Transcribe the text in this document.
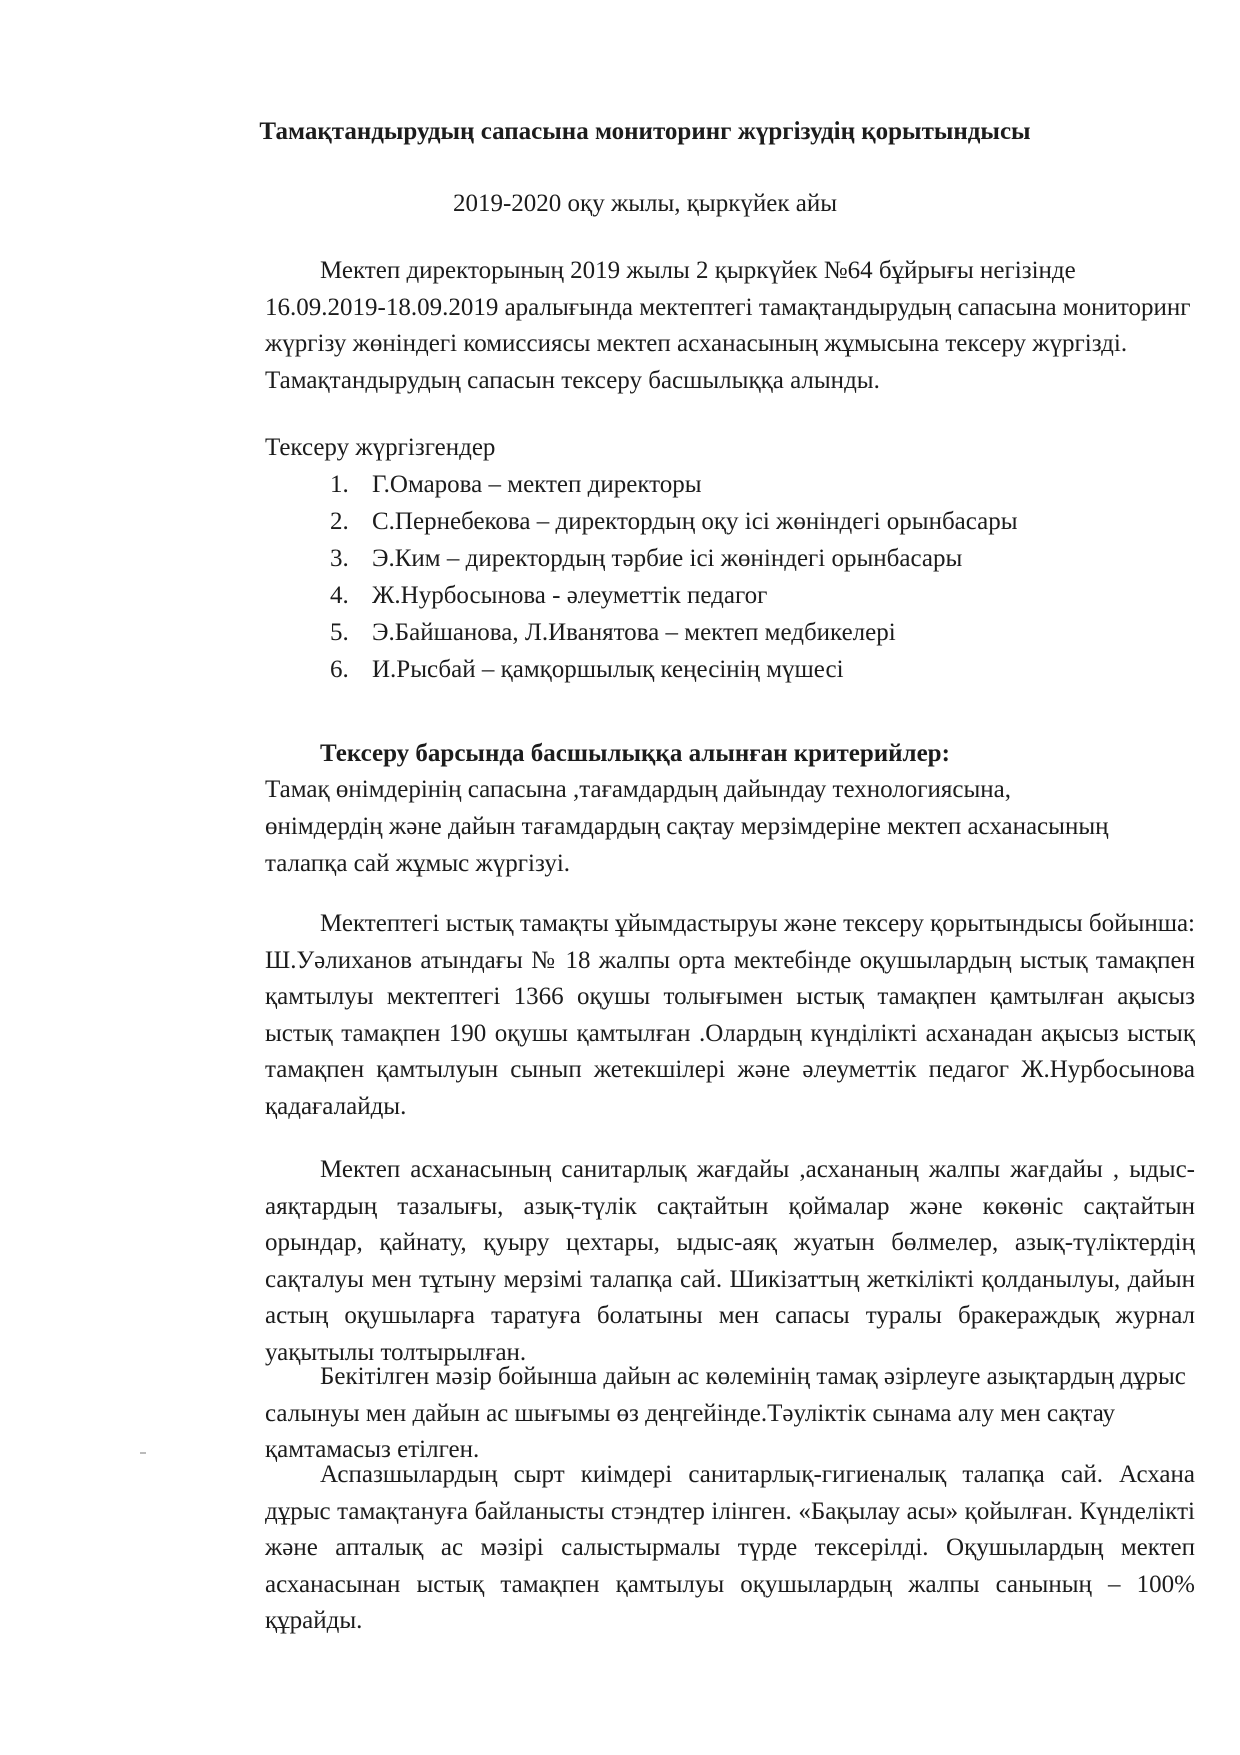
Тамақтандырудың сапасына мониторинг жүргізудің қорытындысы
2019-2020 оқу жылы, қыркүйек айы
Мектеп директорының 2019 жылы 2 қыркүйек №64 бұйрығы негізінде 16.09.2019-18.09.2019 аралығында мектептегі тамақтандырудың сапасына мониторинг жүргізу жөніндегі комиссиясы мектеп асханасының жұмысына тексеру жүргізді. Тамақтандырудың сапасын тексеру басшылыққа алынды.
Тексеру жүргізгендер
1. Г.Омарова – мектеп директоры
2. С.Пернебекова – директордың оқу ісі жөніндегі орынбасары
3. Э.Ким – директордың тәрбие ісі жөніндегі орынбасары
4. Ж.Нурбосынова - әлеуметтік педагог
5. Э.Байшанова, Л.Иванятова – мектеп медбикелері
6. И.Рысбай – қамқоршылық кеңесінің мүшесі
Тексеру барсында басшылыққа алынған критерийлер:
Тамақ өнімдерінің сапасына ,тағамдардың дайындау технологиясына, өнімдердің және дайын тағамдардың сақтау мерзімдеріне мектеп асханасының талапқа сай жұмыс жүргізуі.
Мектептегі ыстық тамақты ұйымдастыруы және тексеру қорытындысы бойынша: Ш.Уәлиханов атындағы № 18 жалпы орта мектебінде оқушылардың ыстық тамақпен қамтылуы мектептегі 1366 оқушы толығымен ыстық тамақпен қамтылған ақысыз ыстық тамақпен 190 оқушы қамтылған .Олардың күнділікті асханадан ақысыз ыстық тамақпен қамтылуын сынып жетекшілері және әлеуметтік педагог Ж.Нурбосынова қадағалайды.
Мектеп асханасының санитарлық жағдайы ,асхананың жалпы жағдайы , ыдыс-аяқтардың тазалығы, азық-түлік сақтайтын қоймалар және көкөніс сақтайтын орындар, қайнату, қуыру цехтары, ыдыс-аяқ жуатын бөлмелер, азық-түліктердің сақталуы мен тұтыну мерзімі талапқа сай. Шикізаттың жеткілікті қолданылуы, дайын астың оқушыларға таратуға болатыны мен сапасы туралы бракераждық журнал уақытылы толтырылған.
Бекітілген мәзір бойынша дайын ас көлемінің тамақ әзірлеуге азықтардың дұрыс салынуы мен дайын ас шығымы өз деңгейінде.Тәуліктік сынама алу мен сақтау қамтамасыз етілген.
Аспазшылардың сырт киімдері санитарлық-гигиеналық талапқа сай. Асхана дұрыс тамақтануға байланысты стэндтер ілінген. «Бақылау асы» қойылған. Күнделікті және апталық ас мәзірі салыстырмалы түрде тексерілді. Оқушылардың мектеп асханасынан ыстық тамақпен қамтылуы оқушылардың жалпы санының – 100% құрайды.
